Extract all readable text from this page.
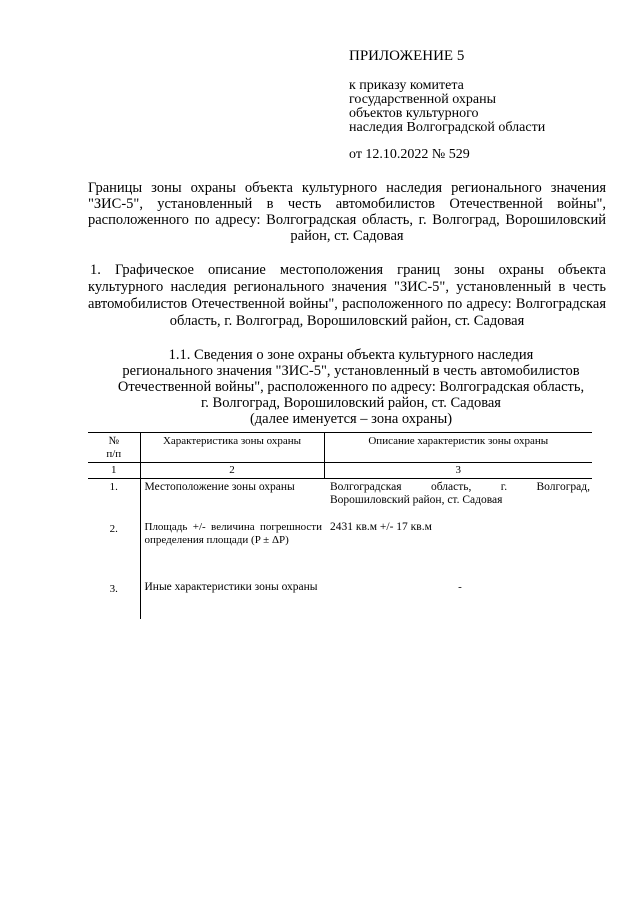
ПРИЛОЖЕНИЕ 5
к приказу комитета
государственной охраны
объектов культурного
наследия Волгоградской области
от 12.10.2022 № 529
Границы зоны охраны объекта культурного наследия регионального значения "ЗИС-5", установленный в честь автомобилистов Отечественной войны", расположенного по адресу: Волгоградская область, г. Волгоград, Ворошиловский район, ст. Садовая
1. Графическое описание местоположения границ зоны охраны объекта культурного наследия регионального значения "ЗИС-5", установленный в честь автомобилистов Отечественной войны", расположенного по адресу: Волгоградская область, г. Волгоград, Ворошиловский район, ст. Садовая
1.1. Сведения о зоне охраны объекта культурного наследия
регионального значения "ЗИС-5", установленный в честь автомобилистов
Отечественной войны", расположенного по адресу: Волгоградская область,
г. Волгоград, Ворошиловский район, ст. Садовая
(далее именуется – зона охраны)
№
п/п	Характеристика зоны охраны	Описание характеристик зоны охраны
1	2	3
1.	Местоположение зоны охраны	Волгоградская область, г. Волгоград, Ворошиловский район, ст. Садовая
2.	Площадь +/- величина погрешности определения площади (P ± ΔP)	2431 кв.м +/- 17 кв.м
3.	Иные характеристики зоны охраны	-
